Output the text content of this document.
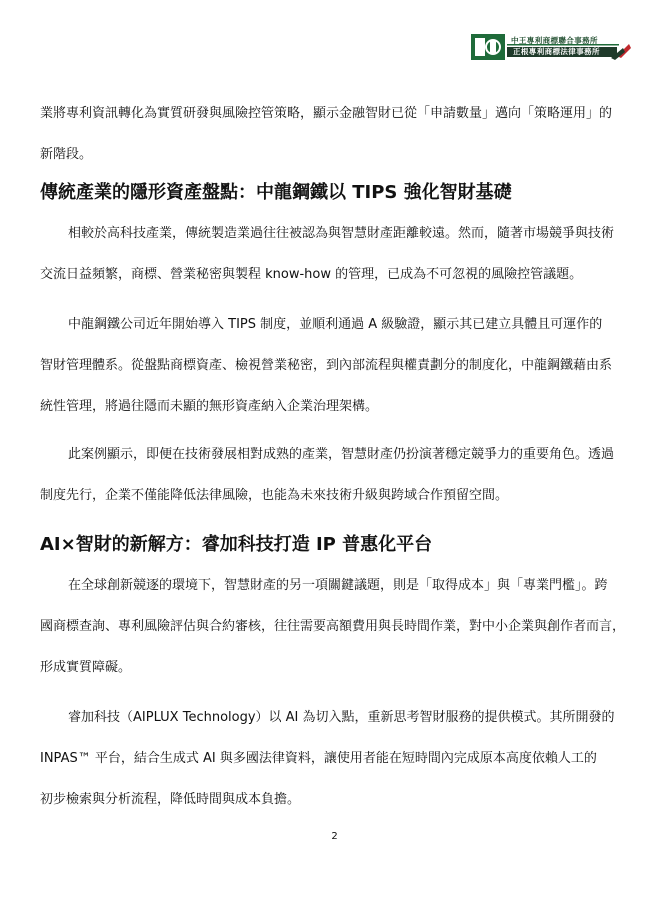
中王專利商標聯合事務所
正根專利商標法律事務所
業將專利資訊轉化為實質研發與風險控管策略，顯示金融智財已從「申請數量」邁向「策略運用」的
新階段。
傳統產業的隱形資產盤點：中龍鋼鐵以 TIPS 強化智財基礎
相較於高科技產業，傳統製造業過往往被認為與智慧財產距離較遠。然而，隨著市場競爭與技術
交流日益頻繁，商標、營業秘密與製程 know-how 的管理，已成為不可忽視的風險控管議題。
中龍鋼鐵公司近年開始導入 TIPS 制度，並順利通過 A 級驗證，顯示其已建立具體且可運作的
智財管理體系。從盤點商標資產、檢視營業秘密，到內部流程與權責劃分的制度化，中龍鋼鐵藉由系
統性管理，將過往隱而未顯的無形資產納入企業治理架構。
此案例顯示，即便在技術發展相對成熟的產業，智慧財產仍扮演著穩定競爭力的重要角色。透過
制度先行，企業不僅能降低法律風險，也能為未來技術升級與跨域合作預留空間。
AI×智財的新解方：睿加科技打造 IP 普惠化平台
在全球創新競逐的環境下，智慧財產的另一項關鍵議題，則是「取得成本」與「專業門檻」。跨
國商標查詢、專利風險評估與合約審核，往往需要高額費用與長時間作業，對中小企業與創作者而言，
形成實質障礙。
睿加科技（AIPLUX Technology）以 AI 為切入點，重新思考智財服務的提供模式。其所開發的
INPAS™ 平台，結合生成式 AI 與多國法律資料，讓使用者能在短時間內完成原本高度依賴人工的
初步檢索與分析流程，降低時間與成本負擔。
2
